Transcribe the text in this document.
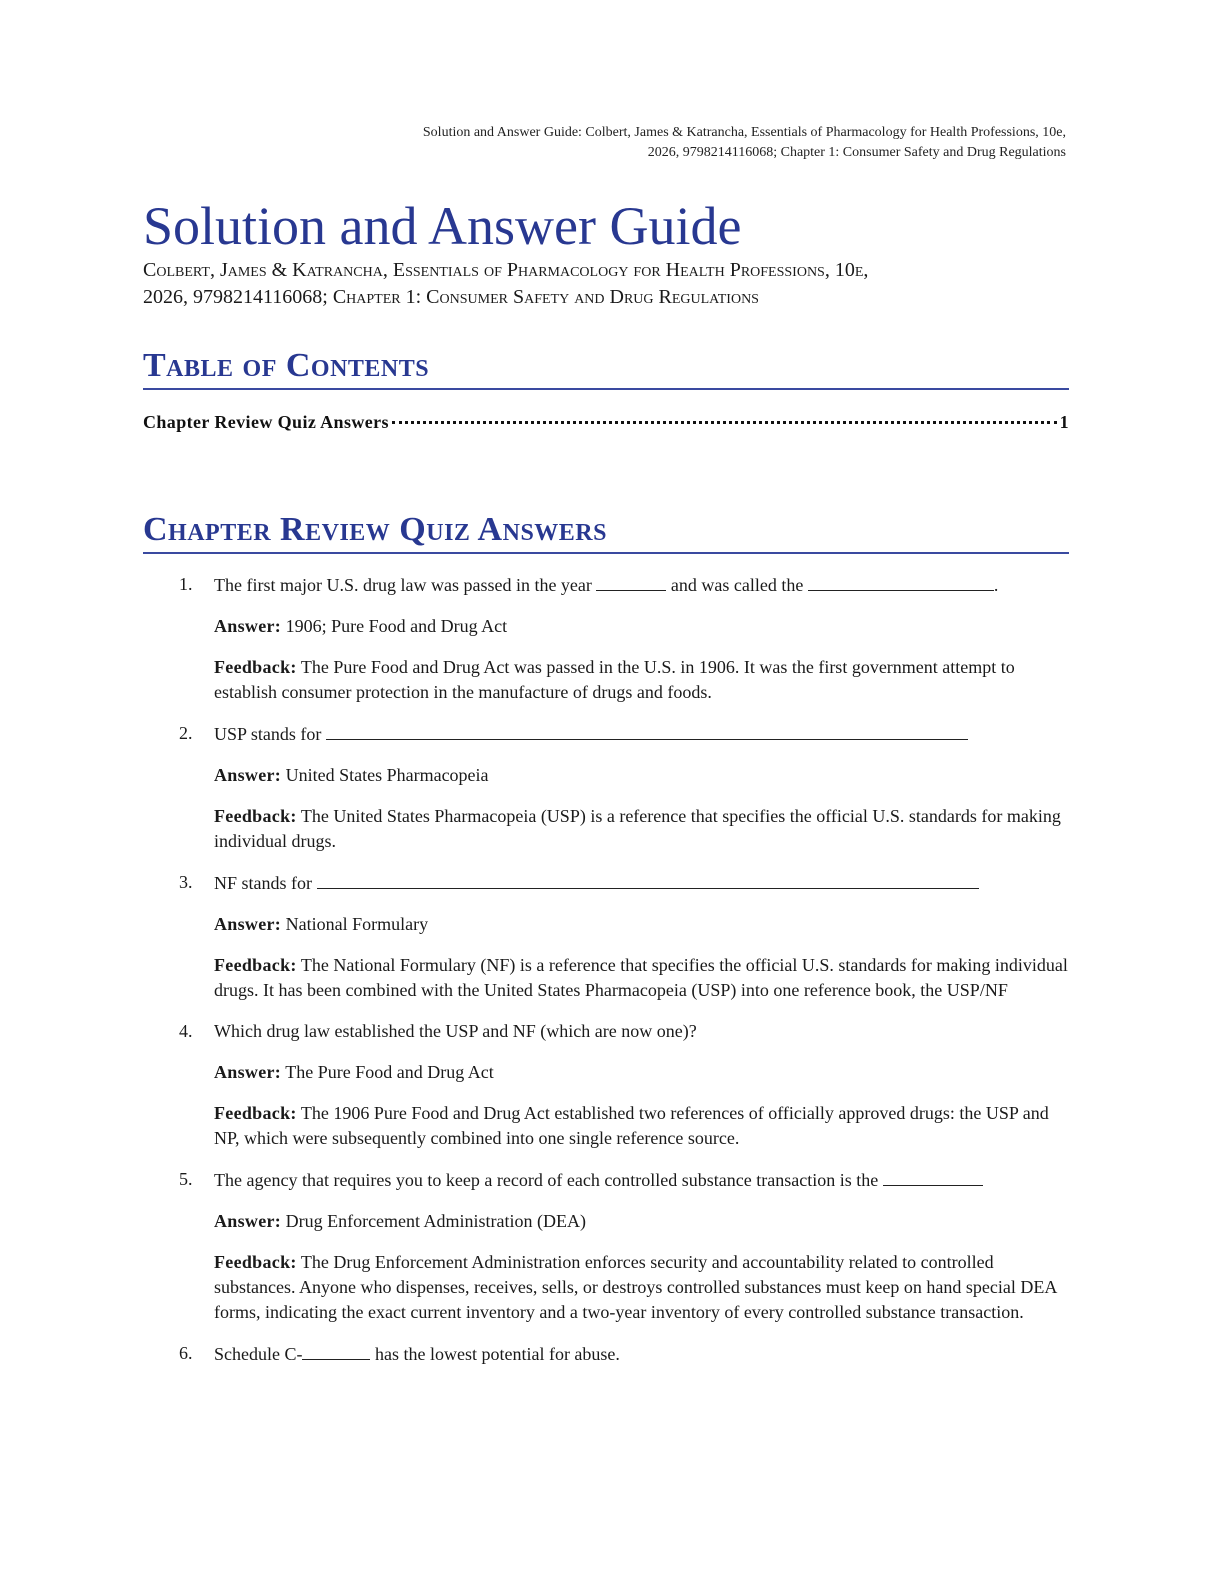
Solution and Answer Guide: Colbert, James & Katrancha, Essentials of Pharmacology for Health Professions, 10e,
2026, 9798214116068; Chapter 1: Consumer Safety and Drug Regulations
Solution and Answer Guide
Colbert, James & Katrancha, Essentials of Pharmacology for Health Professions, 10e,
2026, 9798214116068; Chapter 1: Consumer Safety and Drug Regulations
Table of Contents
Chapter Review Quiz Answers	1
Chapter Review Quiz Answers
1. The first major U.S. drug law was passed in the year	and was called the	.

Answer: 1906; Pure Food and Drug Act

Feedback: The Pure Food and Drug Act was passed in the U.S. in 1906. It was the first government attempt to establish consumer protection in the manufacture of drugs and foods.

2. USP stands for

Answer: United States Pharmacopeia

Feedback: The United States Pharmacopeia (USP) is a reference that specifies the official U.S. standards for making individual drugs.

3. NF stands for

Answer: National Formulary

Feedback: The National Formulary (NF) is a reference that specifies the official U.S. standards for making individual drugs. It has been combined with the United States Pharmacopeia (USP) into one reference book, the USP/NF

4. Which drug law established the USP and NF (which are now one)?

Answer: The Pure Food and Drug Act

Feedback: The 1906 Pure Food and Drug Act established two references of officially approved drugs: the USP and NP, which were subsequently combined into one single reference source.

5. The agency that requires you to keep a record of each controlled substance transaction is the

Answer: Drug Enforcement Administration (DEA)

Feedback: The Drug Enforcement Administration enforces security and accountability related to controlled substances. Anyone who dispenses, receives, sells, or destroys controlled substances must keep on hand special DEA forms, indicating the exact current inventory and a two-year inventory of every controlled substance transaction.

6. Schedule C-	has the lowest potential for abuse.
